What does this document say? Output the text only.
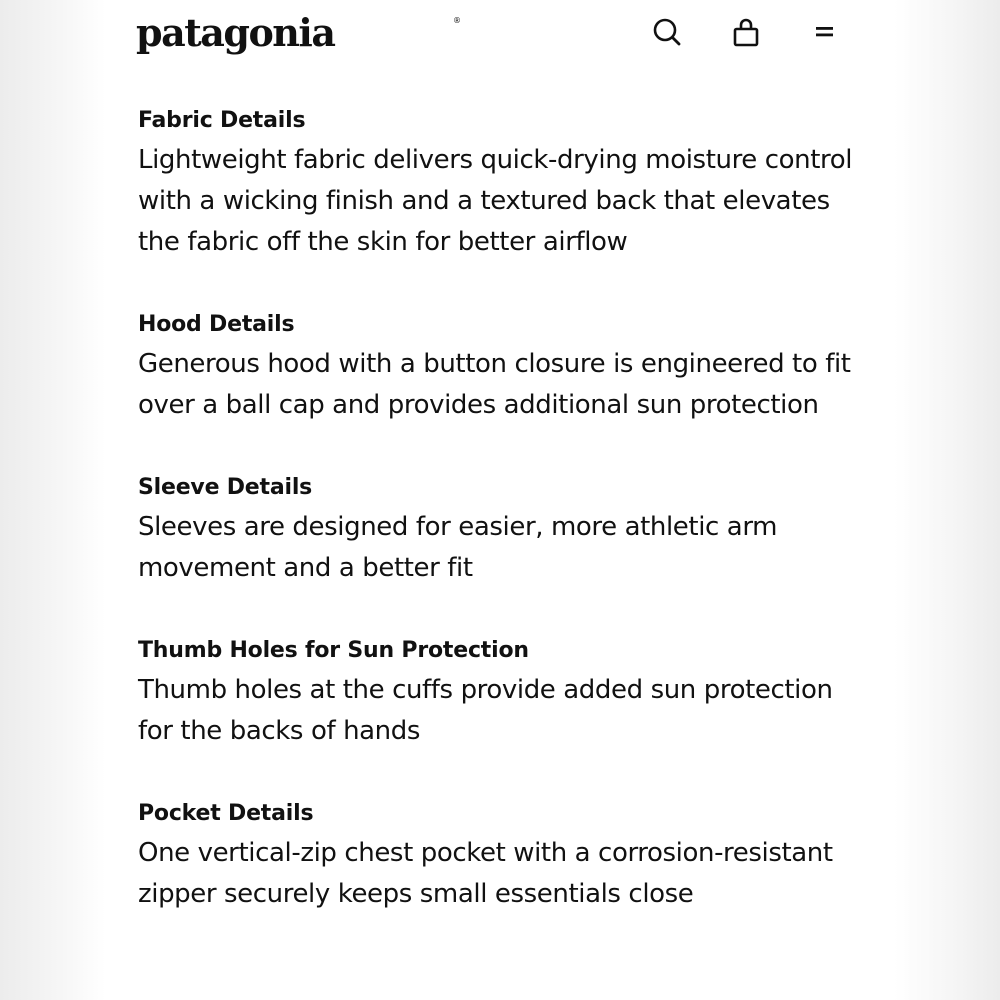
patagonia	®
Fabric Details
Lightweight fabric delivers quick-drying moisture control with a wicking finish and a textured back that elevates the fabric off the skin for better airflow
Hood Details
Generous hood with a button closure is engineered to fit over a ball cap and provides additional sun protection
Sleeve Details
Sleeves are designed for easier, more athletic arm movement and a better fit
Thumb Holes for Sun Protection
Thumb holes at the cuffs provide added sun protection for the backs of hands
Pocket Details
One vertical-zip chest pocket with a corrosion-resistant zipper securely keeps small essentials close
